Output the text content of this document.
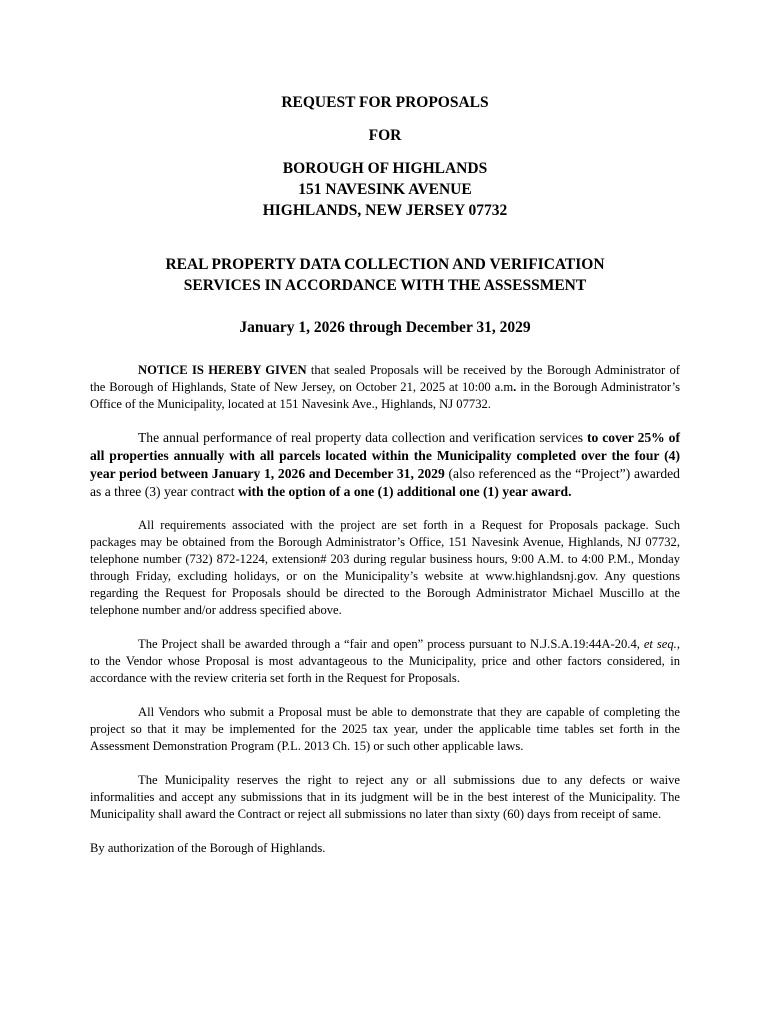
REQUEST FOR PROPOSALS

FOR

BOROUGH OF HIGHLANDS

151 NAVESINK AVENUE

HIGHLANDS, NEW JERSEY 07732

REAL PROPERTY DATA COLLECTION AND VERIFICATION

SERVICES IN ACCORDANCE WITH THE ASSESSMENT

January 1, 2026 through December 31, 2029

NOTICE IS HEREBY GIVEN that sealed Proposals will be received by the Borough Administrator of the Borough of Highlands, State of New Jersey, on October 21, 2025 at 10:00 a.m. in the Borough Administrator’s Office of the Municipality, located at 151 Navesink Ave., Highlands, NJ 07732.

The annual performance of real property data collection and verification services to cover 25% of all properties annually with all parcels located within the Municipality completed over the four (4) year period between January 1, 2026 and December 31, 2029 (also referenced as the “Project”) awarded as a three (3) year contract with the option of a one (1) additional one (1) year award.

All requirements associated with the project are set forth in a Request for Proposals package. Such packages may be obtained from the Borough Administrator’s Office, 151 Navesink Avenue, Highlands, NJ 07732, telephone number (732) 872-1224, extension# 203 during regular business hours, 9:00 A.M. to 4:00 P.M., Monday through Friday, excluding holidays, or on the Municipality’s website at www.highlandsnj.gov. Any questions regarding the Request for Proposals should be directed to the Borough Administrator Michael Muscillo at the telephone number and/or address specified above.

The Project shall be awarded through a “fair and open” process pursuant to N.J.S.A.19:44A-20.4, et seq., to the Vendor whose Proposal is most advantageous to the Municipality, price and other factors considered, in accordance with the review criteria set forth in the Request for Proposals.

All Vendors who submit a Proposal must be able to demonstrate that they are capable of completing the project so that it may be implemented for the 2025 tax year, under the applicable time tables set forth in the Assessment Demonstration Program (P.L. 2013 Ch. 15) or such other applicable laws.

The Municipality reserves the right to reject any or all submissions due to any defects or waive informalities and accept any submissions that in its judgment will be in the best interest of the Municipality. The Municipality shall award the Contract or reject all submissions no later than sixty (60) days from receipt of same.

By authorization of the Borough of Highlands.
